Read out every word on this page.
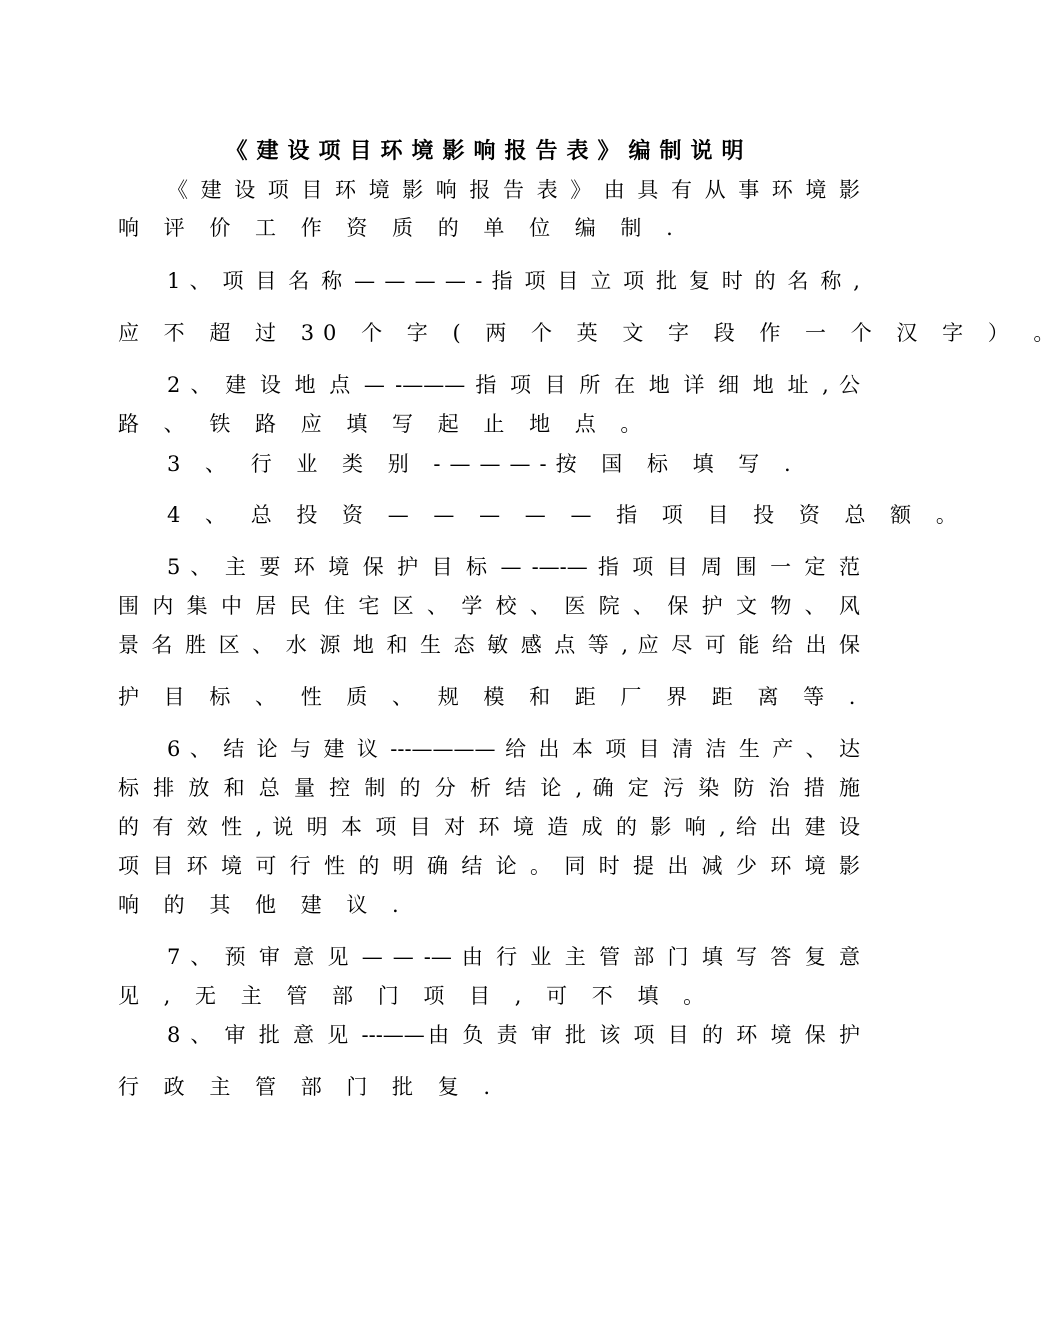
《建设项目环境影响报告表》编制说明
《 建 设 项 目 环 境 影 响 报 告 表 》 由 具 有 从 事 环 境 影
响 评 价 工 作 资 质 的 单 位 编 制 .
1 、 项 目 名 称 — — — — - 指 项 目 立 项 批 复 时 的 名 称 ,
应 不 超 过 30 个 字 ( 两 个 英 文 字 段 作 一 个 汉 字 ） 。
2 、 建 设 地 点 — -——— 指 项 目 所 在 地 详 细 地 址 , 公
路 、 铁 路 应 填 写 起 止 地 点 。
3 、 行 业 类 别 -———-按 国 标 填 写 .
4 、 总 投 资 — — — — — 指 项 目 投 资 总 额 。
5 、 主 要 环 境 保 护 目 标 — -—-— 指 项 目 周 围 一 定 范
围 内 集 中 居 民 住 宅 区 、 学 校 、 医 院 、 保 护 文 物 、 风
景 名 胜 区 、 水 源 地 和 生 态 敏 感 点 等 , 应 尽 可 能 给 出 保
护 目 标 、 性 质 、 规 模 和 距 厂 界 距 离 等 .
6 、 结 论 与 建 议 ---———— 给 出 本 项 目 清 洁 生 产 、 达
标 排 放 和 总 量 控 制 的 分 析 结 论 , 确 定 污 染 防 治 措 施
的 有 效 性 , 说 明 本 项 目 对 环 境 造 成 的 影 响 , 给 出 建 设
项 目 环 境 可 行 性 的 明 确 结 论 。 同 时 提 出 减 少 环 境 影
响 的 其 他 建 议 .
7 、 预 审 意 见 — — -— 由 行 业 主 管 部 门 填 写 答 复 意
见 , 无 主 管 部 门 项 目 , 可 不 填 。
8 、 审 批 意 见 ---——由 负 责 审 批 该 项 目 的 环 境 保 护
行 政 主 管 部 门 批 复 .
